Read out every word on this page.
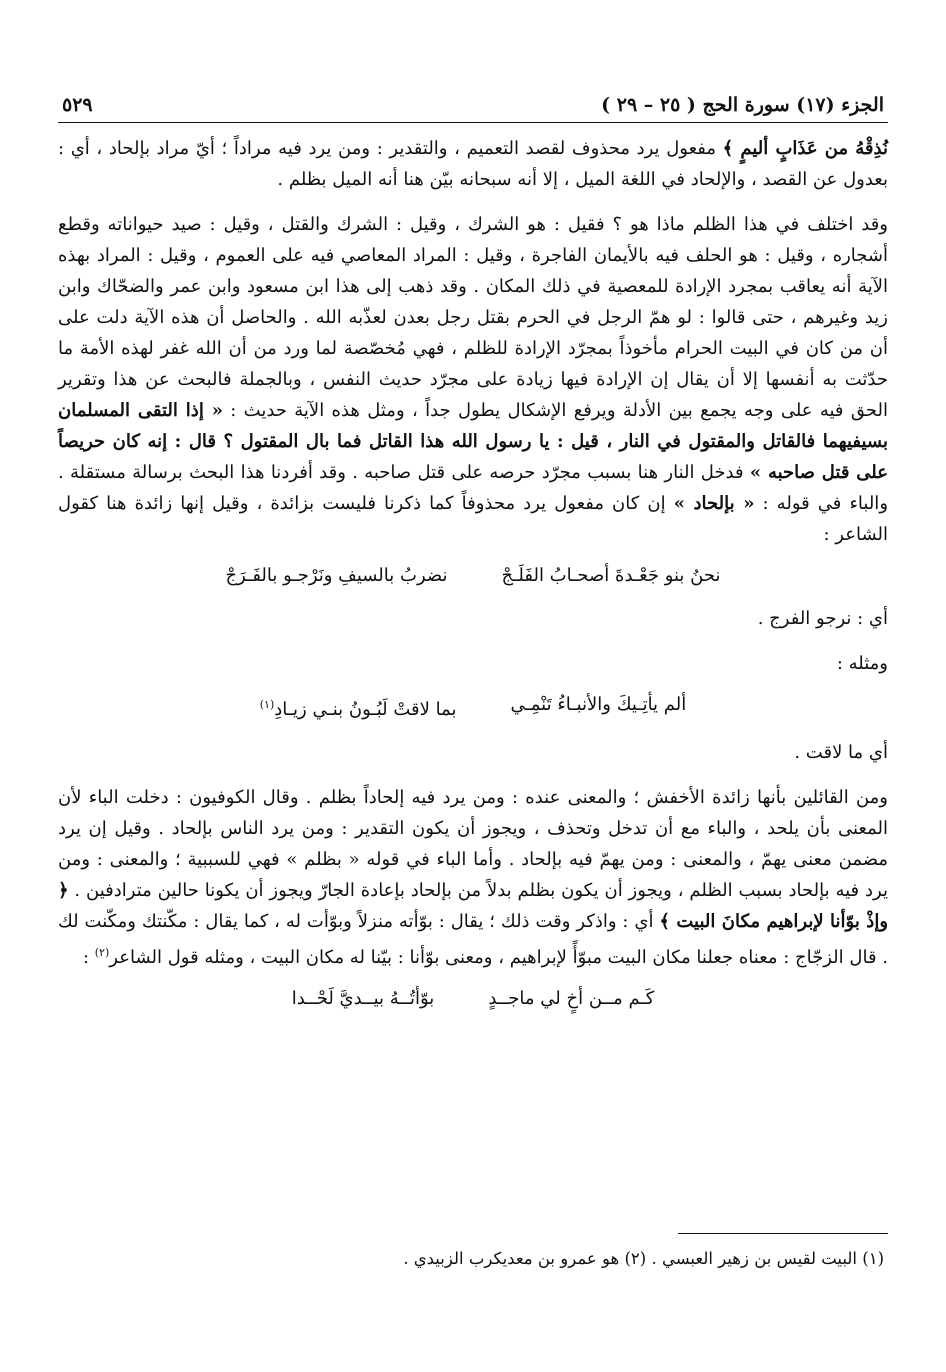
الجزء (١٧) سورة الحج ( ٢٥ – ٢٩ )
٥٢٩

نُذِقْهُ من عَذَابٍ أليمٍ ﴾ مفعول يرد محذوف لقصد التعميم ، والتقدير : ومن يرد فيه مراداً ؛ أيّ مراد بإلحاد ، أي : بعدول عن القصد ، والإلحاد في اللغة الميل ، إلا أنه سبحانه بيّن هنا أنه الميل بظلم .

وقد اختلف في هذا الظلم ماذا هو ؟ فقيل : هو الشرك ، وقيل : الشرك والقتل ، وقيل : صيد حيواناته وقطع أشجاره ، وقيل : هو الحلف فيه بالأيمان الفاجرة ، وقيل : المراد المعاصي فيه على العموم ، وقيل : المراد بهذه الآية أنه يعاقب بمجرد الإرادة للمعصية في ذلك المكان . وقد ذهب إلى هذا ابن مسعود وابن عمر والضحّاك وابن زيد وغيرهم ، حتى قالوا : لو همّ الرجل في الحرم بقتل رجل بعدن لعذّبه الله . والحاصل أن هذه الآية دلت على أن من كان في البيت الحرام مأخوذاً بمجرّد الإرادة للظلم ، فهي مُخصّصة لما ورد من أن الله غفر لهذه الأمة ما حدّثت به أنفسها إلا أن يقال إن الإرادة فيها زيادة على مجرّد حديث النفس ، وبالجملة فالبحث عن هذا وتقرير الحق فيه على وجه يجمع بين الأدلة ويرفع الإشكال يطول جداً ، ومثل هذه الآية حديث : « إذا التقى المسلمان بسيفيهما فالقاتل والمقتول في النار ، قيل : يا رسول الله هذا القاتل فما بال المقتول ؟ قال : إنه كان حريصاً على قتل صاحبه » فدخل النار هنا بسبب مجرّد حرصه على قتل صاحبه . وقد أفردنا هذا البحث برسالة مستقلة . والباء في قوله : « بإلحاد » إن كان مفعول يرد محذوفاً كما ذكرنا فليست بزائدة ، وقيل إنها زائدة هنا كقول الشاعر :

نحنُ بنو جَعْـدةَ أصحـابُ الفَلَـجْ
نضربُ بالسيفِ ونَرْجـو بالفَـرَجْ

أي : نرجو الفرج .

ومثله :

ألم يأتِـيكَ والأنبـاءُ تَنْمِـي
بما لاقتْ لَبُـونُ بنـي زيـادِ$^{(١)}$

أي ما لاقت .

ومن القائلين بأنها زائدة الأخفش ؛ والمعنى عنده : ومن يرد فيه إلحاداً بظلم . وقال الكوفيون : دخلت الباء لأن المعنى بأن يلحد ، والباء مع أن تدخل وتحذف ، ويجوز أن يكون التقدير : ومن يرد الناس بإلحاد . وقيل إن يرد مضمن معنى يهمّ ، والمعنى : ومن يهمّ فيه بإلحاد . وأما الباء في قوله « بظلم » فهي للسببية ؛ والمعنى : ومن يرد فيه بإلحاد بسبب الظلم ، ويجوز أن يكون بظلم بدلاً من بإلحاد بإعادة الجارّ ويجوز أن يكونا حالين مترادفين . ﴿ وإذْ بوّأنا لإبراهيم مكانَ البيت ﴾ أي : واذكر وقت ذلك ؛ يقال : بوّأته منزلاً وبوّأت له ، كما يقال : مكّنتك ومكّنت لك . قال الزجّاج : معناه جعلنا مكان البيت مبوّأً لإبراهيم ، ومعنى بوّأنا : بيّنا له مكان البيت ، ومثله قول الشاعر$^{(٢)}$ :

كَـم مــن أخٍ لي ماجــدٍ
بوّأتُــهُ بيــديَّ لَحْــدا
(١) البيت لقيس بن زهير العبسي . (٢) هو عمرو بن معديكرب الزبيدي .
